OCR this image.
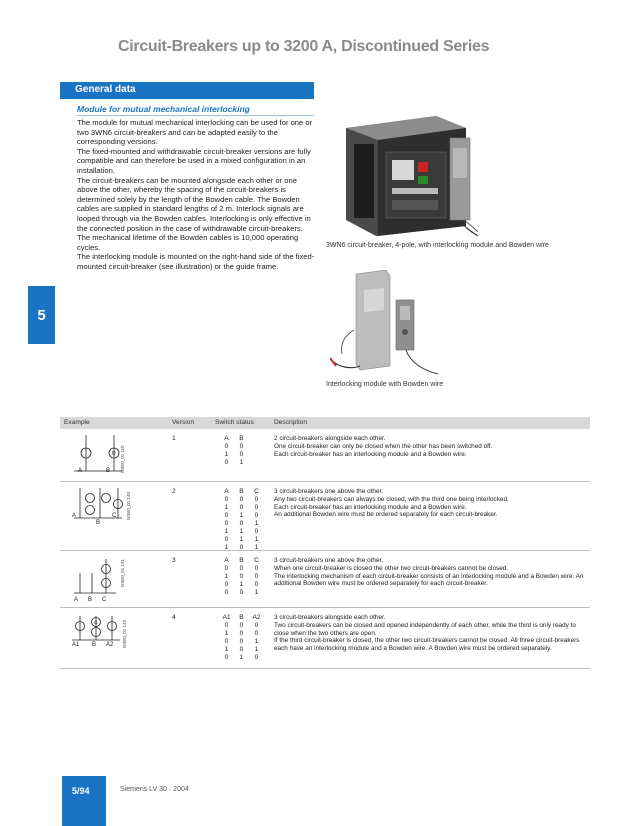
Circuit-Breakers up to 3200 A, Discontinued Series
General data
Module for mutual mechanical interlocking

The module for mutual mechanical interlocking can be used for one or two 3WN6 circuit-breakers and can be adapted easily to the corresponding versions.

The fixed-mounted and withdrawable circuit-breaker versions are fully compatible and can therefore be used in a mixed configuration in an installation.

The circuit-breakers can be mounted alongside each other or one above the other, whereby the spacing of the circuit-breakers is determined solely by the length of the Bowden cable. The Bowden cables are supplied in standard lengths of 2 m. Interlock signals are looped through via the Bowden cables. Interlocking is only effective in the connected position in the case of withdrawable circuit-breakers.

The mechanical lifetime of the Bowden cables is 10,000 operating cycles.

The interlocking module is mounted on the right-hand side of the fixed-mounted circuit-breaker (see illustration) or the guide frame.

5
3WN6 circuit-breaker, 4-pole, with interlocking module and Bowden wire
Interlocking module with Bowden wire
Example	Version	Switch status	Description
D
A	B NSE0_01 115
1	A	B
0	0
1	0
0	1
2 circuit-breakers alongside each other.
One circuit-breaker can only be closed when the other has been switched off.
Each circuit-breaker has an interlocking module and a Bowden wire.
A
B
C NSE0_01 140
2	A	B	C
0	0	0
1	0	0
0	1	0
0	0	1
1	1	0
0	1	1
1	0	1
3 circuit-breakers one above the other.
Any two circuit-breakers can always be closed, with the third one being interlocked.
Each circuit-breaker has an interlocking module and a Bowden wire.
An additional Bowden wire must be ordered separately for each circuit-breaker.
A B C
NSE0_01 141	3	A	B	C
0	0	0
1	0	0
0	1	0
0	0	1
3 circuit-breakers one above the other.
When one circuit-breaker is closed the other two circuit-breakers cannot be closed.
The interlocking mechanism of each circuit-breaker consists of an interlocking module and a Bowden wire. An additional Bowden wire must be ordered separately for each circuit-breaker.
G
A1 B A2 NSE0_01 143
4	A1	B	A2
0	0	0
1	0	0
0	0	1
1	0	1
0	1	0
3 circuit-breakers alongside each other.
Two circuit-breakers can be closed and opened independently of each other, while the third is only ready to close when the two others are open.
If the third circuit-breaker is closed, the other two circuit-breakers cannot be closed. All three circuit-breakers each have an interlocking module and a Bowden wire. A Bowden wire must be ordered separately.
5/94	Siemens LV 30 · 2004
